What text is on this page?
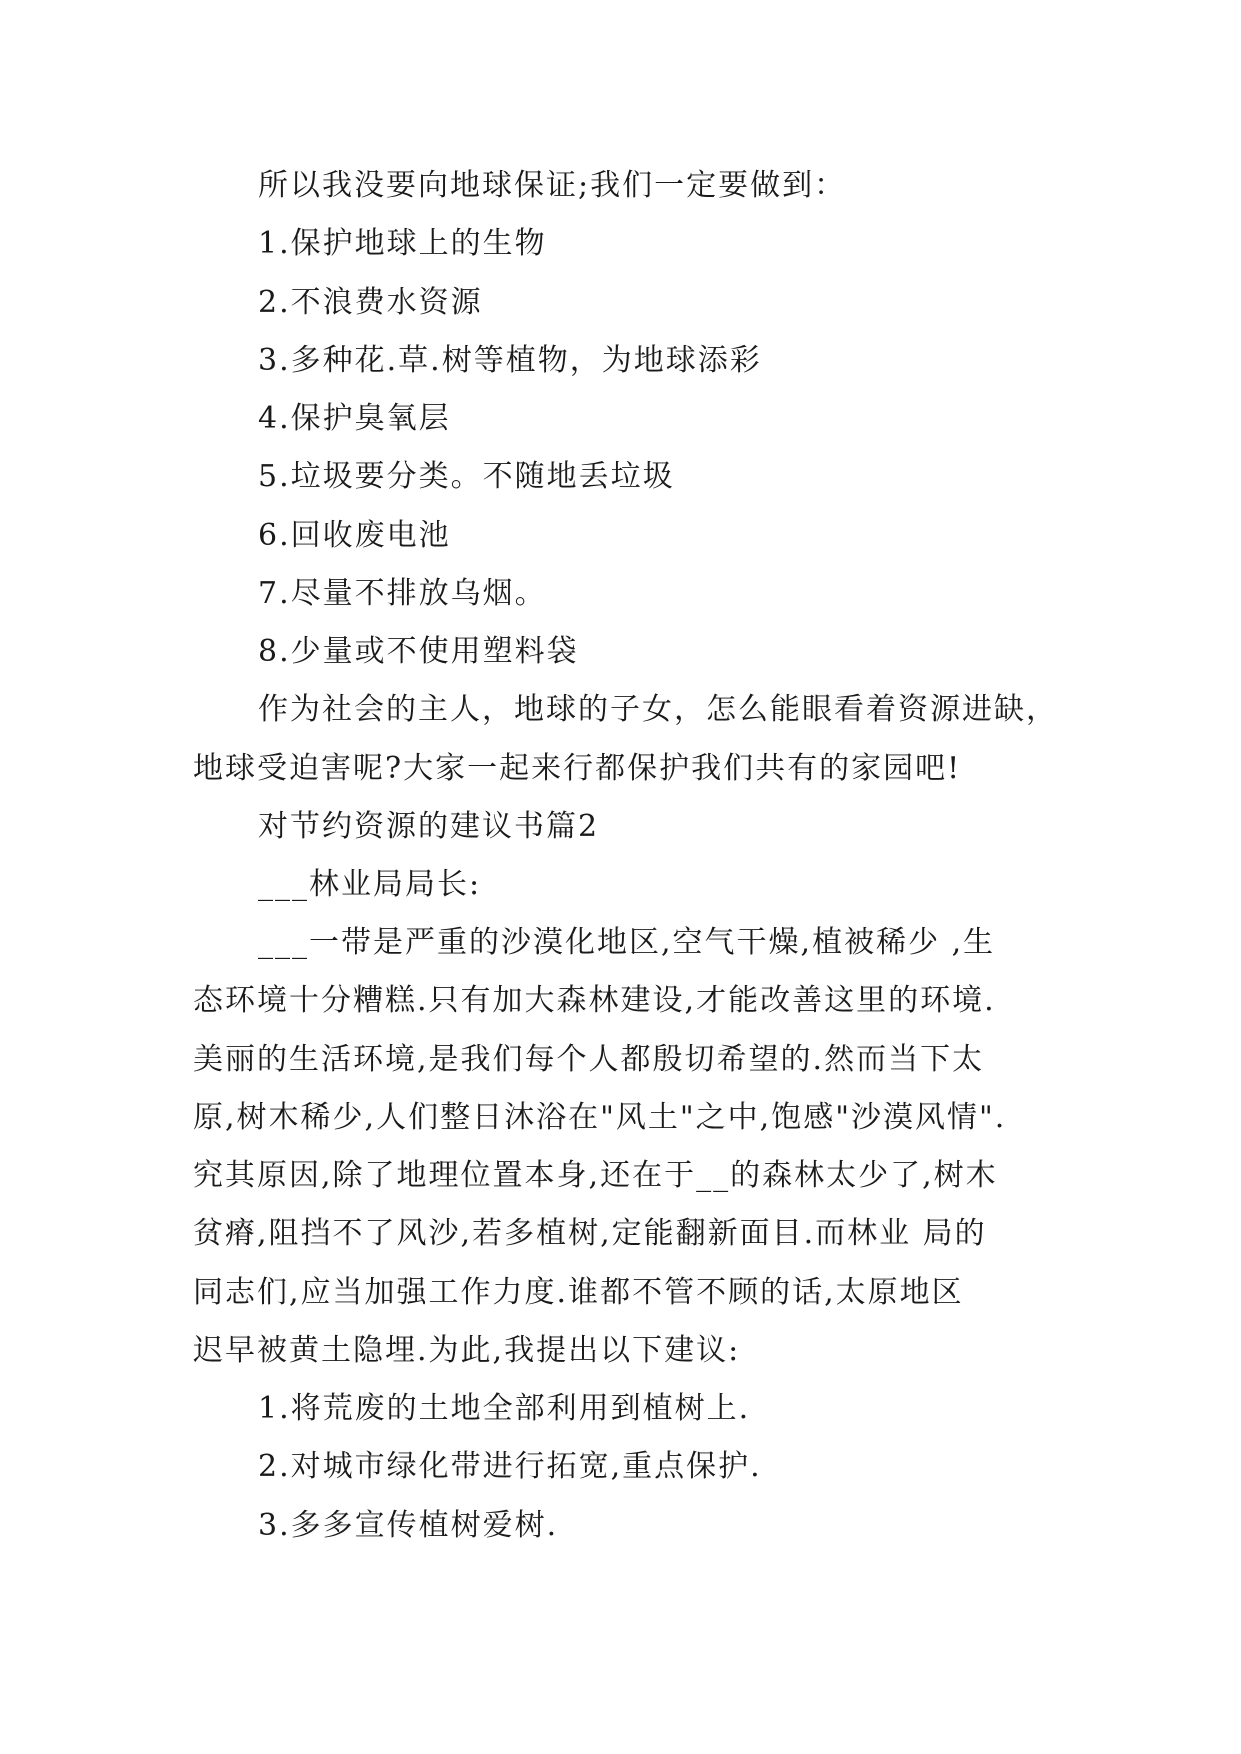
所以我没要向地球保证;我们一定要做到：
1.保护地球上的生物
2.不浪费水资源
3.多种花.草.树等植物，为地球添彩
4.保护臭氧层
5.垃圾要分类。不随地丢垃圾
6.回收废电池
7.尽量不排放乌烟。
8.少量或不使用塑料袋
作为社会的主人，地球的子女，怎么能眼看着资源进缺，
地球受迫害呢?大家一起来行都保护我们共有的家园吧!
对节约资源的建议书篇2
___林业局局长:
___一带是严重的沙漠化地区,空气干燥,植被稀少 ,生
态环境十分糟糕.只有加大森林建设,才能改善这里的环境.
美丽的生活环境,是我们每个人都殷切希望的.然而当下太
原,树木稀少,人们整日沐浴在"风土"之中,饱感"沙漠风情".
究其原因,除了地理位置本身,还在于__的森林太少了,树木
贫瘠,阻挡不了风沙,若多植树,定能翻新面目.而林业 局的
同志们,应当加强工作力度.谁都不管不顾的话,太原地区
迟早被黄土隐埋.为此,我提出以下建议:
1.将荒废的土地全部利用到植树上.
2.对城市绿化带进行拓宽,重点保护.
3.多多宣传植树爱树.
